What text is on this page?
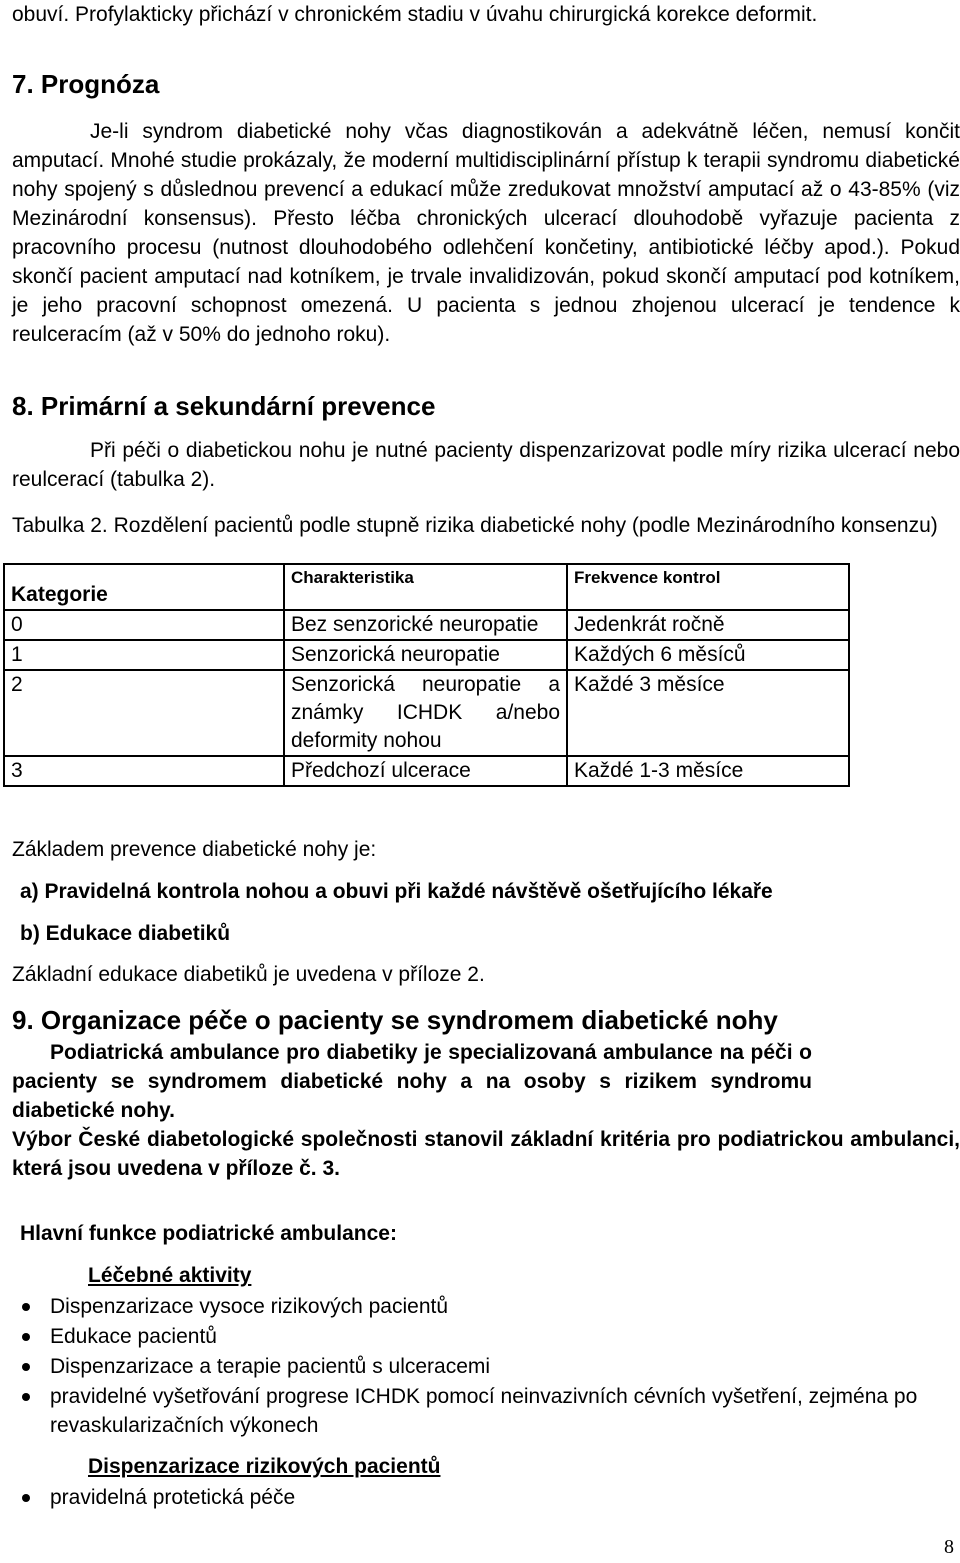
obuví. Profylakticky přichází v chronickém stadiu v úvahu chirurgická korekce deformit.

7. Prognóza

Je-li syndrom diabetické nohy včas diagnostikován a adekvátně léčen, nemusí končit amputací. Mnohé studie prokázaly, že moderní multidisciplinární přístup k terapii syndromu diabetické nohy spojený s důslednou prevencí a edukací může zredukovat množství amputací až o 43-85% (viz Mezinárodní konsensus). Přesto léčba chronických ulcerací dlouhodobě vyřazuje pacienta z pracovního procesu (nutnost dlouhodobého odlehčení končetiny, antibiotické léčby apod.). Pokud skončí pacient amputací nad kotníkem, je trvale invalidizován, pokud skončí amputací pod kotníkem, je jeho pracovní schopnost omezená. U pacienta s jednou zhojenou ulcerací je tendence k reulceracím (až v 50% do jednoho roku).

8. Primární a sekundární prevence

Při péči o diabetickou nohu je nutné pacienty dispenzarizovat podle míry rizika ulcerací nebo reulcerací (tabulka 2).

Tabulka 2. Rozdělení pacientů podle stupně rizika diabetické nohy (podle Mezinárodního konsenzu)

Kategorie	Charakteristika	Frekvence kontrol
0	Bez senzorické neuropatie	Jedenkrát ročně
1	Senzorická neuropatie	Každých 6 měsíců
2	Senzorická neuropatie a známky ICHDK a/nebo deformity nohou	Každé 3 měsíce
3	Předchozí ulcerace	Každé 1-3 měsíce

Základem prevence diabetické nohy je:

a) Pravidelná kontrola nohou a obuvi při každé návštěvě ošetřujícího lékaře

b) Edukace diabetiků

Základní edukace diabetiků je uvedena v příloze 2.

9. Organizace péče o pacienty se syndromem diabetické nohy

Podiatrická ambulance pro diabetiky je specializovaná ambulance na péči o pacienty se syndromem diabetické nohy a na osoby s rizikem syndromu diabetické nohy.

Výbor České diabetologické společnosti stanovil základní kritéria pro podiatrickou ambulanci, která jsou uvedena v příloze č. 3.

Hlavní funkce podiatrické ambulance:

Léčebné aktivity

Dispenzarizace vysoce rizikových pacientů
Edukace pacientů
Dispenzarizace a terapie pacientů s ulceracemi
pravidelné vyšetřování progrese ICHDK pomocí neinvazivních cévních vyšetření, zejména po revaskularizačních výkonech

Dispenzarizace rizikových pacientů

pravidelná protetická péče
8
